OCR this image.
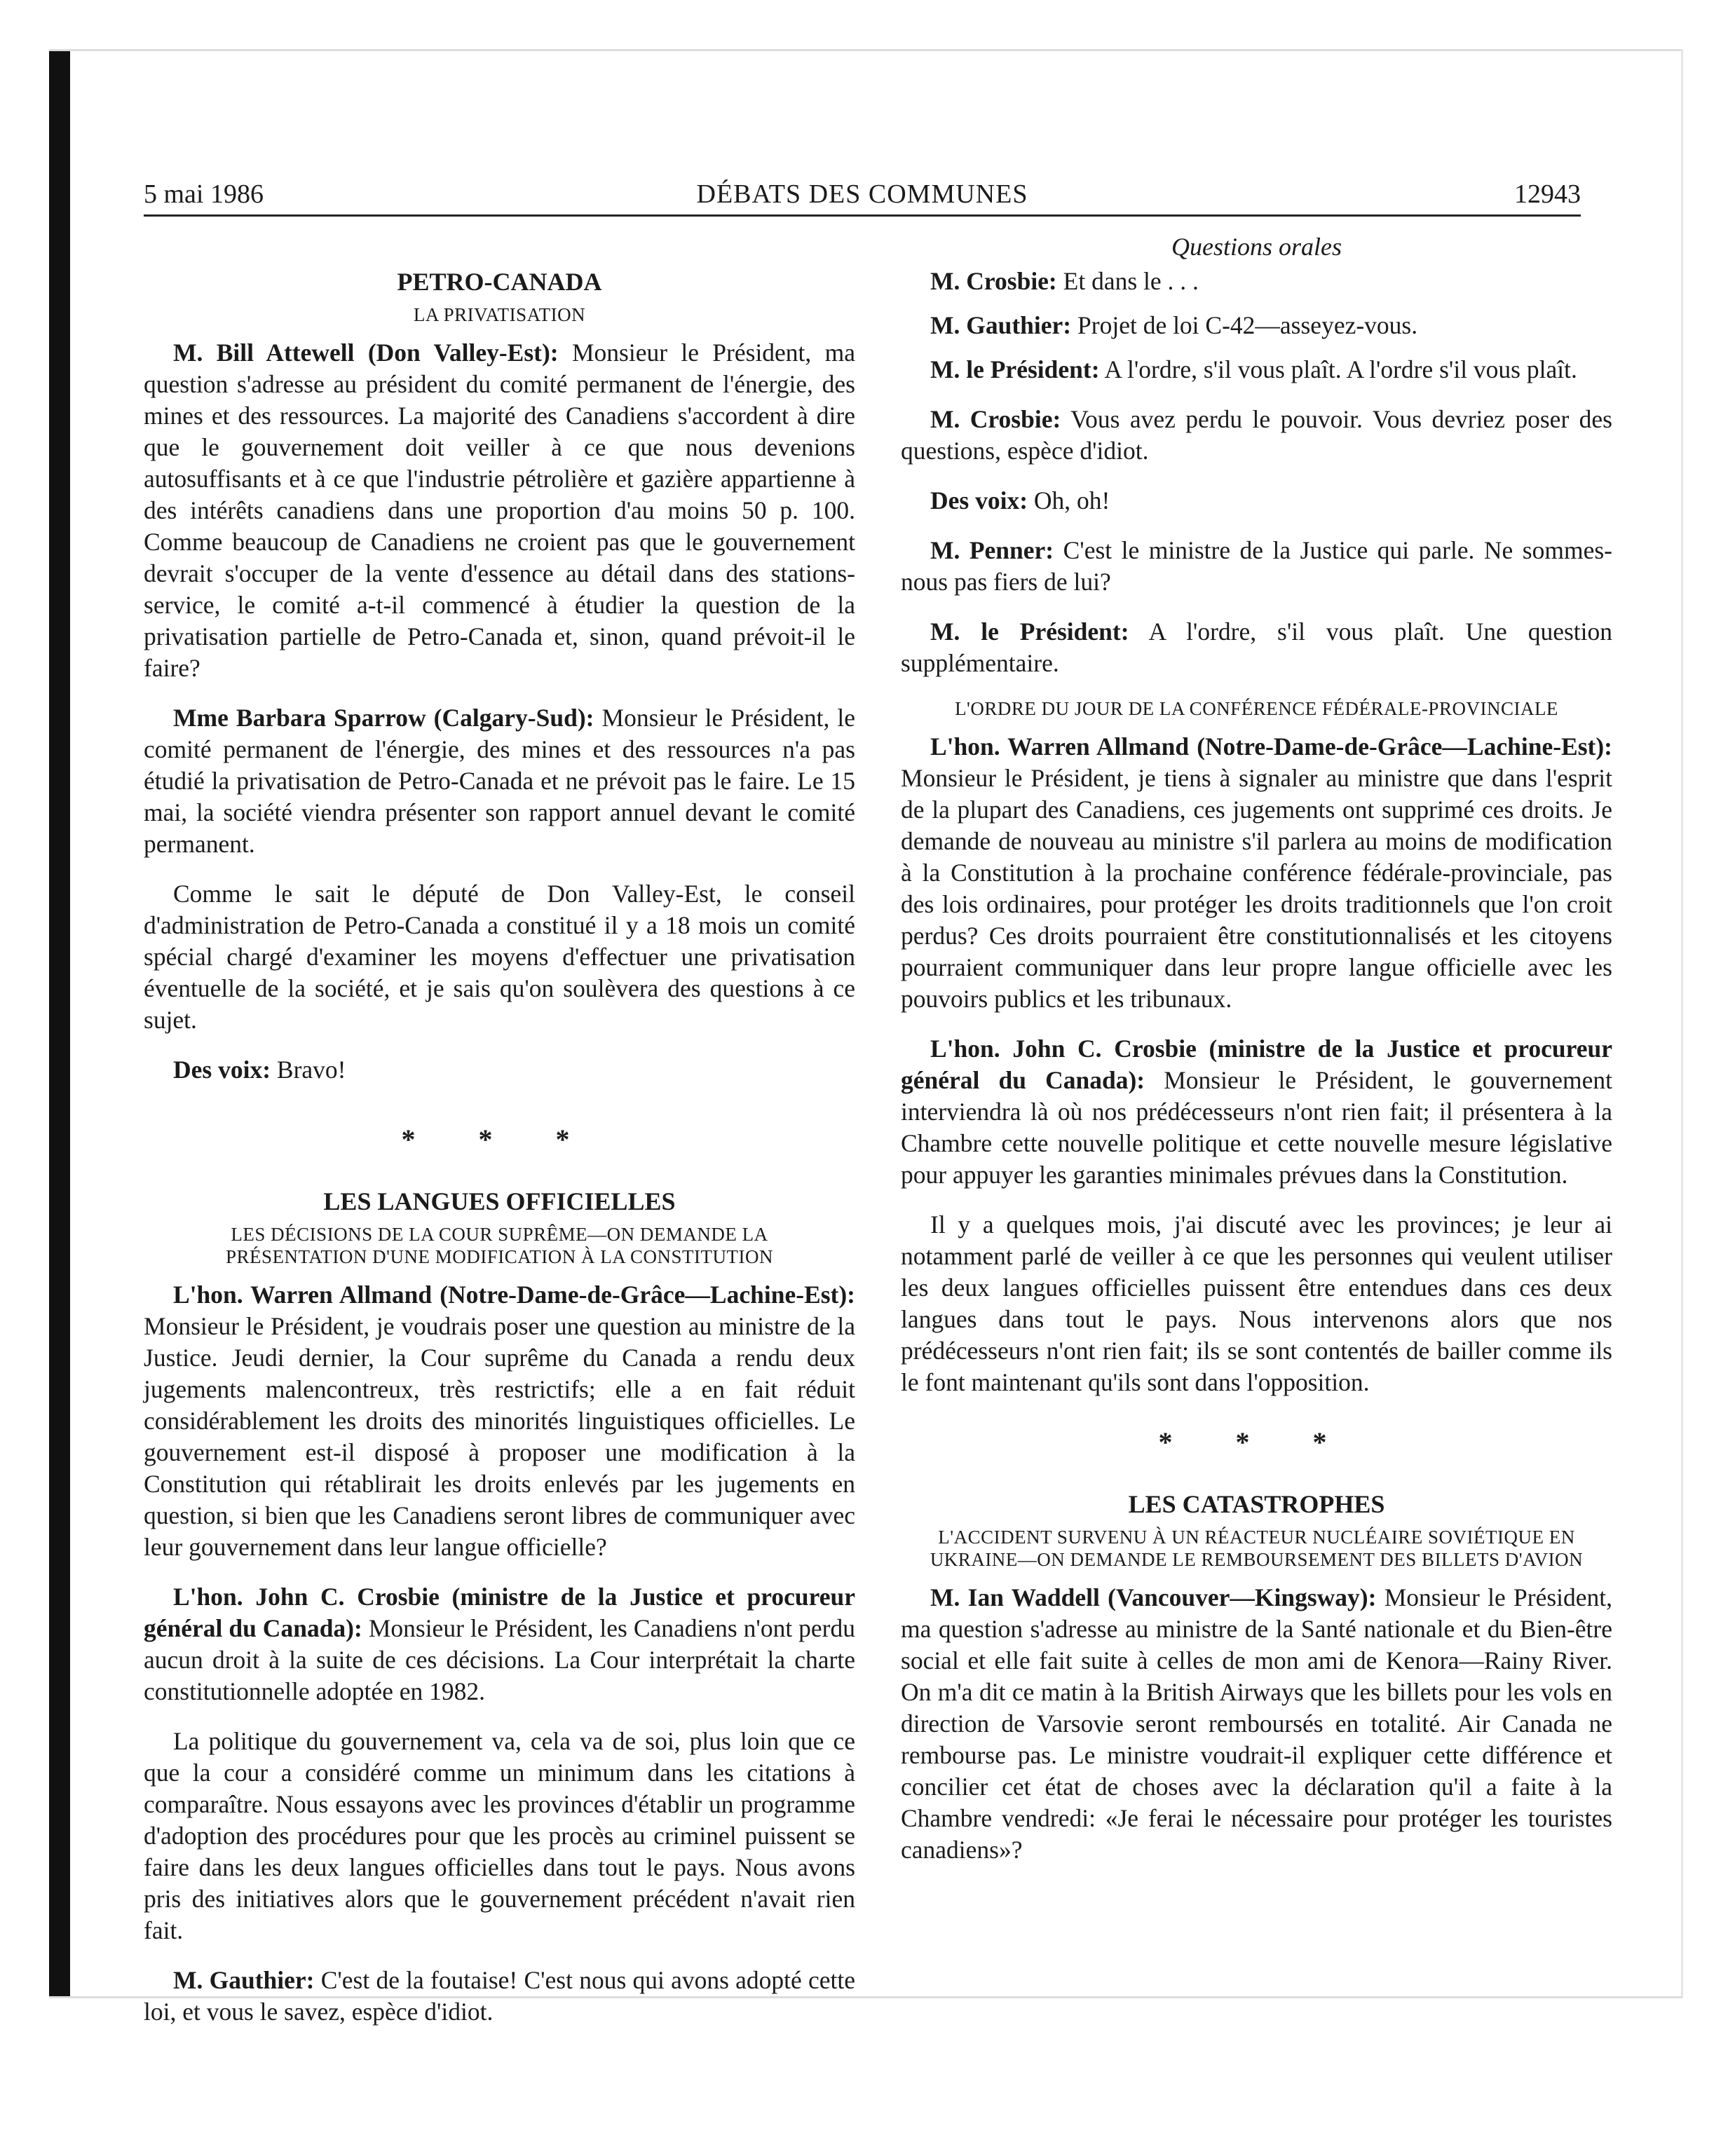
DÉBATS DES COMMUNES
5 mai 1986	12943
PETRO-CANADA
LA PRIVATISATION

M. Bill Attewell (Don Valley-Est): Monsieur le Président, ma question s'adresse au président du comité permanent de l'énergie, des mines et des ressources. La majorité des Canadiens s'accordent à dire que le gouvernement doit veiller à ce que nous devenions autosuffisants et à ce que l'industrie pétrolière et gazière appartienne à des intérêts canadiens dans une proportion d'au moins 50 p. 100. Comme beaucoup de Canadiens ne croient pas que le gouvernement devrait s'occuper de la vente d'essence au détail dans des stations- service, le comité a-t-il commencé à étudier la question de la privatisation partielle de Petro-Canada et, sinon, quand prévoit-il le faire?

Mme Barbara Sparrow (Calgary-Sud): Monsieur le Président, le comité permanent de l'énergie, des mines et des ressources n'a pas étudié la privatisation de Petro-Canada et ne prévoit pas le faire. Le 15 mai, la société viendra présenter son rapport annuel devant le comité permanent.

Comme le sait le député de Don Valley-Est, le conseil d'administration de Petro-Canada a constitué il y a 18 mois un comité spécial chargé d'examiner les moyens d'effectuer une privatisation éventuelle de la société, et je sais qu'on soulèvera des questions à ce sujet.

Des voix: Bravo!

* * *
LES LANGUES OFFICIELLES
LES DÉCISIONS DE LA COUR SUPRÊME—ON DEMANDE LA PRÉSENTATION D'UNE MODIFICATION À LA CONSTITUTION

L'hon. Warren Allmand (Notre-Dame-de-Grâce—Lachine-Est): Monsieur le Président, je voudrais poser une question au ministre de la Justice. Jeudi dernier, la Cour suprême du Canada a rendu deux jugements malencontreux, très restrictifs; elle a en fait réduit considérablement les droits des minorités linguistiques officielles. Le gouvernement est-il disposé à proposer une modification à la Constitution qui rétablirait les droits enlevés par les jugements en question, si bien que les Canadiens seront libres de communiquer avec leur gouvernement dans leur langue officielle?

L'hon. John C. Crosbie (ministre de la Justice et procureur général du Canada): Monsieur le Président, les Canadiens n'ont perdu aucun droit à la suite de ces décisions. La Cour interprétait la charte constitutionnelle adoptée en 1982.

La politique du gouvernement va, cela va de soi, plus loin que ce que la cour a considéré comme un minimum dans les citations à comparaître. Nous essayons avec les provinces d'établir un programme d'adoption des procédures pour que les procès au criminel puissent se faire dans les deux langues officielles dans tout le pays. Nous avons pris des initiatives alors que le gouvernement précédent n'avait rien fait.

M. Gauthier: C'est de la foutaise! C'est nous qui avons adopté cette loi, et vous le savez, espèce d'idiot.

Questions orales

M. Crosbie: Et dans le . . .

M. Gauthier: Projet de loi C-42—asseyez-vous.

M. le Président: A l'ordre, s'il vous plaît. A l'ordre s'il vous plaît.

M. Crosbie: Vous avez perdu le pouvoir. Vous devriez poser des questions, espèce d'idiot.

Des voix: Oh, oh!

M. Penner: C'est le ministre de la Justice qui parle. Ne sommes-nous pas fiers de lui?

M. le Président: A l'ordre, s'il vous plaît. Une question supplémentaire.

L'ORDRE DU JOUR DE LA CONFÉRENCE FÉDÉRALE-PROVINCIALE

L'hon. Warren Allmand (Notre-Dame-de-Grâce—Lachine-Est): Monsieur le Président, je tiens à signaler au ministre que dans l'esprit de la plupart des Canadiens, ces jugements ont supprimé ces droits. Je demande de nouveau au ministre s'il parlera au moins de modification à la Constitution à la prochaine conférence fédérale-provinciale, pas des lois ordinaires, pour protéger les droits traditionnels que l'on croit perdus? Ces droits pourraient être constitutionnalisés et les citoyens pourraient communiquer dans leur propre langue officielle avec les pouvoirs publics et les tribunaux.

L'hon. John C. Crosbie (ministre de la Justice et procureur général du Canada): Monsieur le Président, le gouvernement interviendra là où nos prédécesseurs n'ont rien fait; il présentera à la Chambre cette nouvelle politique et cette nouvelle mesure législative pour appuyer les garanties minimales prévues dans la Constitution.

Il y a quelques mois, j'ai discuté avec les provinces; je leur ai notamment parlé de veiller à ce que les personnes qui veulent utiliser les deux langues officielles puissent être entendues dans ces deux langues dans tout le pays. Nous intervenons alors que nos prédécesseurs n'ont rien fait; ils se sont contentés de bailler comme ils le font maintenant qu'ils sont dans l'opposition.

* * *
LES CATASTROPHES
L'ACCIDENT SURVENU À UN RÉACTEUR NUCLÉAIRE SOVIÉTIQUE EN UKRAINE—ON DEMANDE LE REMBOURSEMENT DES BILLETS D'AVION

M. Ian Waddell (Vancouver—Kingsway): Monsieur le Président, ma question s'adresse au ministre de la Santé nationale et du Bien-être social et elle fait suite à celles de mon ami de Kenora—Rainy River. On m'a dit ce matin à la British Airways que les billets pour les vols en direction de Varsovie seront remboursés en totalité. Air Canada ne rembourse pas. Le ministre voudrait-il expliquer cette différence et concilier cet état de choses avec la déclaration qu'il a faite à la Chambre vendredi: «Je ferai le nécessaire pour protéger les touristes canadiens»?
